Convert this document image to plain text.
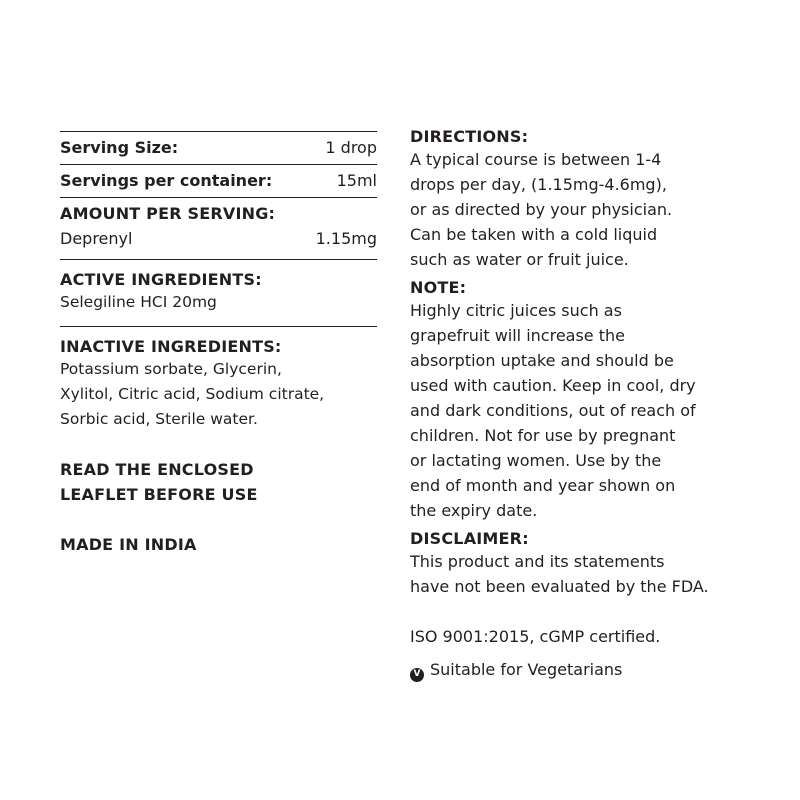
Serving Size:	1 drop
Servings per container:	15ml
AMOUNT PER SERVING:
Deprenyl	1.15mg
ACTIVE INGREDIENTS:
Selegiline HCI 20mg
INACTIVE INGREDIENTS:
Potassium sorbate, Glycerin,
Xylitol, Citric acid, Sodium citrate,
Sorbic acid, Sterile water.
READ THE ENCLOSED
LEAFLET BEFORE USE
MADE IN INDIA
DIRECTIONS:
A typical course is between 1-4
drops per day, (1.15mg-4.6mg),
or as directed by your physician.
Can be taken with a cold liquid
such as water or fruit juice.
NOTE:
Highly citric juices such as
grapefruit will increase the
absorption uptake and should be
used with caution. Keep in cool, dry
and dark conditions, out of reach of
children. Not for use by pregnant
or lactating women. Use by the
end of month and year shown on
the expiry date.
DISCLAIMER:
This product and its statements
have not been evaluated by the FDA.
ISO 9001:2015, cGMP certified.
V Suitable for Vegetarians
